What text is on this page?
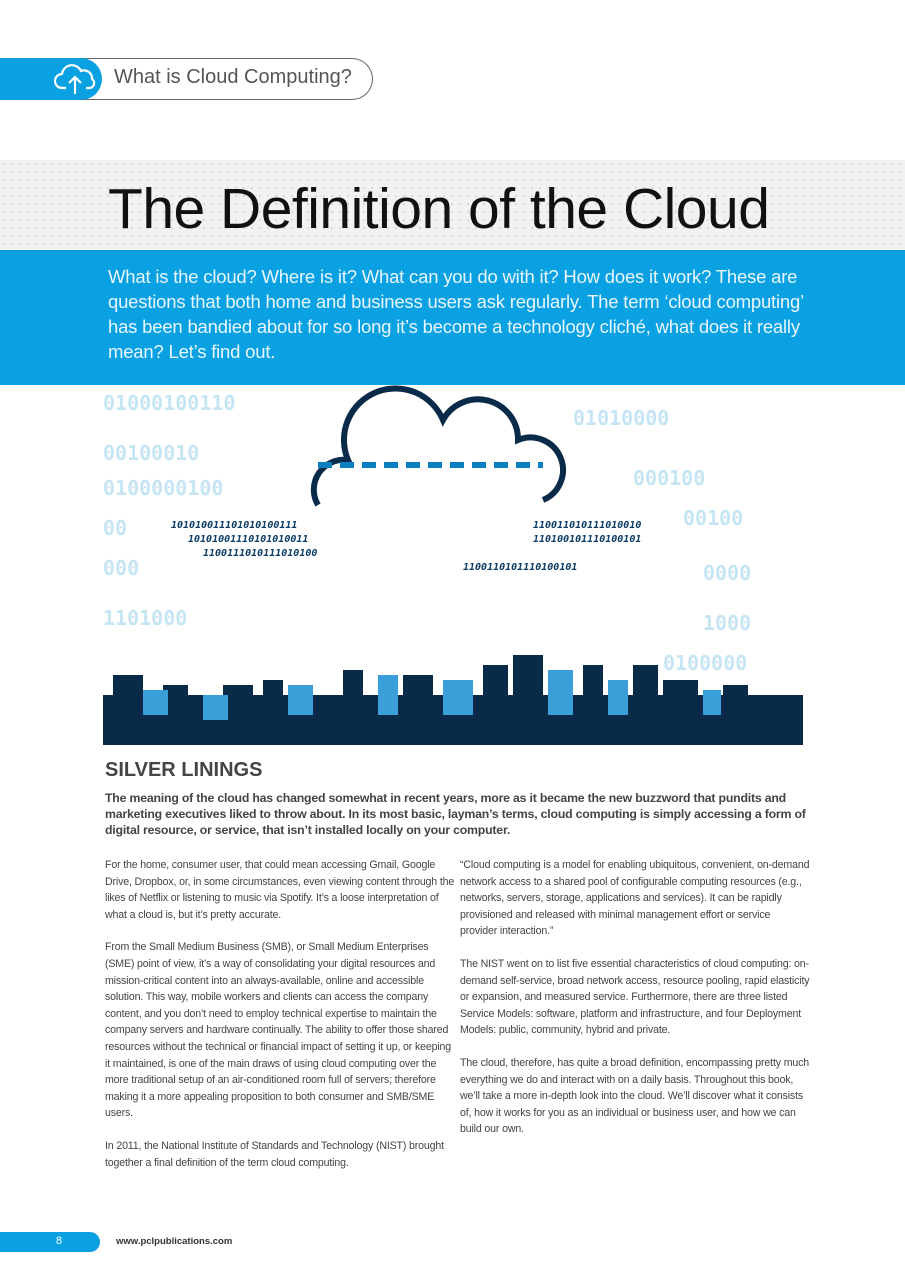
What is Cloud Computing?
The Definition of the Cloud

What is the cloud? Where is it? What can you do with it? How does it work? These are questions that both home and business users ask regularly. The term ‘cloud computing’ has been bandied about for so long it’s become a technology cliché, what does it really mean? Let’s find out.

01000100110
00100010
0100000100
00
000
1101000
01010000
000100
00100
0000
1000
0100000
101010011101010100111
10101001110101010011
1100111010111010100
110011010111010010
110100101110100101
1100110101110100101
SILVER LININGS

The meaning of the cloud has changed somewhat in recent years, more as it became the new buzzword that pundits and marketing executives liked to throw about. In its most basic, layman’s terms, cloud computing is simply accessing a form of digital resource, or service, that isn’t installed locally on your computer.

For the home, consumer user, that could mean accessing Gmail, Google Drive, Dropbox, or, in some circumstances, even viewing content through the likes of Netflix or listening to music via Spotify. It’s a loose interpretation of what a cloud is, but it’s pretty accurate.

From the Small Medium Business (SMB), or Small Medium Enterprises (SME) point of view, it’s a way of consolidating your digital resources and mission-critical content into an always-available, online and accessible solution. This way, mobile workers and clients can access the company content, and you don’t need to employ technical expertise to maintain the company servers and hardware continually. The ability to offer those shared resources without the technical or financial impact of setting it up, or keeping it maintained, is one of the main draws of using cloud computing over the more traditional setup of an air-conditioned room full of servers; therefore making it a more appealing proposition to both consumer and SMB/SME users.

In 2011, the National Institute of Standards and Technology (NIST) brought together a final definition of the term cloud computing.

“Cloud computing is a model for enabling ubiquitous, convenient, on-demand network access to a shared pool of configurable computing resources (e.g., networks, servers, storage, applications and services). It can be rapidly provisioned and released with minimal management effort or service provider interaction.”

The NIST went on to list five essential characteristics of cloud computing: on-demand self-service, broad network access, resource pooling, rapid elasticity or expansion, and measured service. Furthermore, there are three listed Service Models: software, platform and infrastructure, and four Deployment Models: public, community, hybrid and private.

The cloud, therefore, has quite a broad definition, encompassing pretty much everything we do and interact with on a daily basis. Throughout this book, we’ll take a more in-depth look into the cloud. We’ll discover what it consists of, how it works for you as an individual or business user, and how we can build our own.

8	www.pclpublications.com
